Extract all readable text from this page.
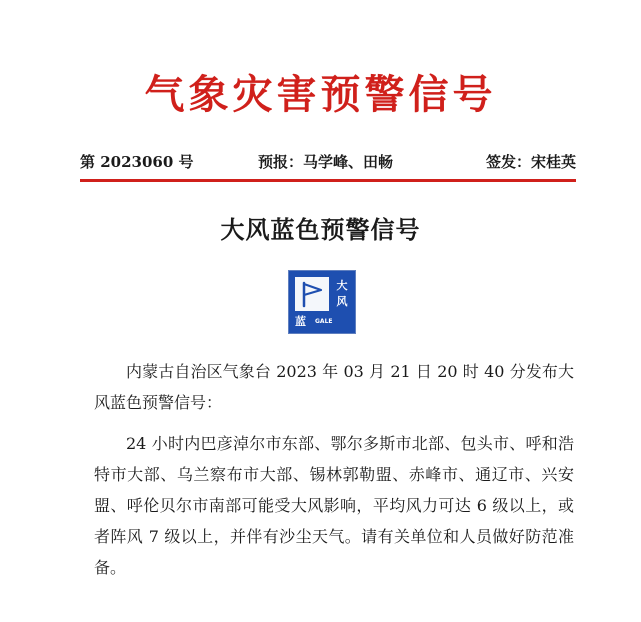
气象灾害预警信号
第 2023060 号	预报：马学峰、田畅	签发：宋桂英
大风蓝色预警信号
大
风
蓝 GALE

内蒙古自治区气象台 2023 年 03 月 21 日 20 时 40 分发布大风蓝色预警信号：

24 小时内巴彦淖尔市东部、鄂尔多斯市北部、包头市、呼和浩特市大部、乌兰察布市大部、锡林郭勒盟、赤峰市、通辽市、兴安盟、呼伦贝尔市南部可能受大风影响，平均风力可达 6 级以上，或者阵风 7 级以上，并伴有沙尘天气。请有关单位和人员做好防范准备。
